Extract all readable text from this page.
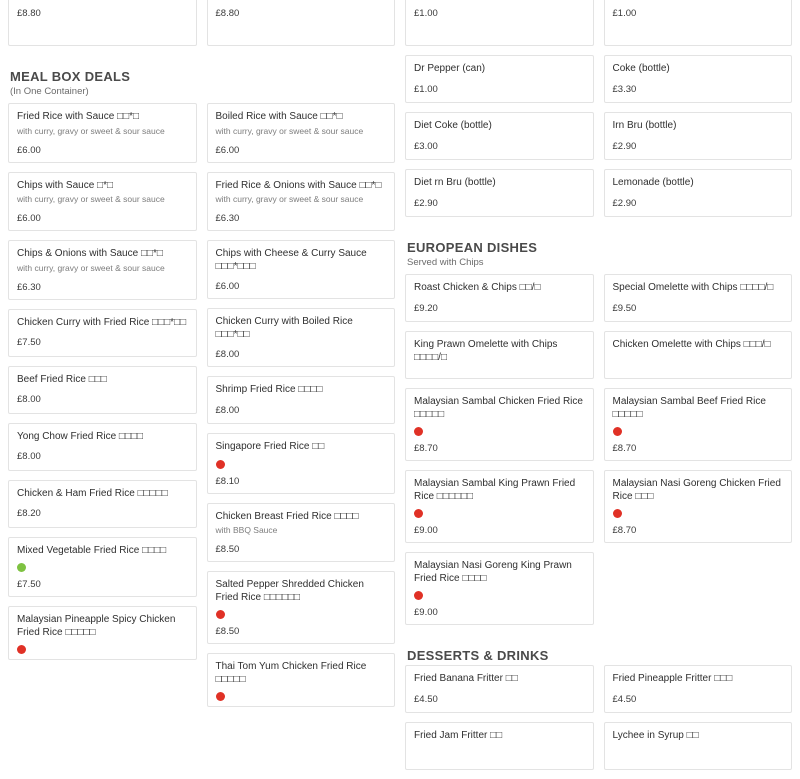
£8.80	£8.80
MEAL BOX DEALS
(In One Container)
Fried Rice with Sauce □□*□
with curry, gravy or sweet & sour sauce
£6.00
Chips with Sauce □*□
with curry, gravy or sweet & sour sauce
£6.00
Chips & Onions with Sauce □□*□
with curry, gravy or sweet & sour sauce
£6.30
Chicken Curry with Fried Rice □□□*□□
£7.50
Beef Fried Rice □□□
£8.00
Yong Chow Fried Rice □□□□
£8.00
Chicken & Ham Fried Rice □□□□□
£8.20
Mixed Vegetable Fried Rice □□□□
£7.50
Malaysian Pineapple Spicy Chicken Fried Rice □□□□□
Boiled Rice with Sauce □□*□
with curry, gravy or sweet & sour sauce
£6.00
Fried Rice & Onions with Sauce □□*□
with curry, gravy or sweet & sour sauce
£6.30
Chips with Cheese & Curry Sauce □□□*□□□
£6.00
Chicken Curry with Boiled Rice □□□*□□
£8.00
Shrimp Fried Rice □□□□
£8.00
Singapore Fried Rice □□
£8.10
Chicken Breast Fried Rice □□□□
with BBQ Sauce
£8.50
Salted Pepper Shredded Chicken Fried Rice □□□□□□
£8.50
Thai Tom Yum Chicken Fried Rice □□□□□
£1.00	£1.00
Dr Pepper (can)
£1.00
Diet Coke (bottle)
£3.00
Diet rn Bru (bottle)
£2.90
Coke (bottle)
£3.30
Irn Bru (bottle)
£2.90
Lemonade (bottle)
£2.90
EUROPEAN DISHES
Served with Chips
Roast Chicken & Chips □□/□
£9.20
King Prawn Omelette with Chips □□□□/□
Malaysian Sambal Chicken Fried Rice □□□□□
£8.70
Malaysian Sambal King Prawn Fried Rice □□□□□□
£9.00
Malaysian Nasi Goreng King Prawn Fried Rice □□□□
£9.00
Special Omelette with Chips □□□□/□
£9.50
Chicken Omelette with Chips □□□/□
Malaysian Sambal Beef Fried Rice □□□□□
£8.70
Malaysian Nasi Goreng Chicken Fried Rice □□□
£8.70
DESSERTS & DRINKS
Fried Banana Fritter □□
£4.50
Fried Jam Fritter □□
Fried Pineapple Fritter □□□
£4.50
Lychee in Syrup □□
